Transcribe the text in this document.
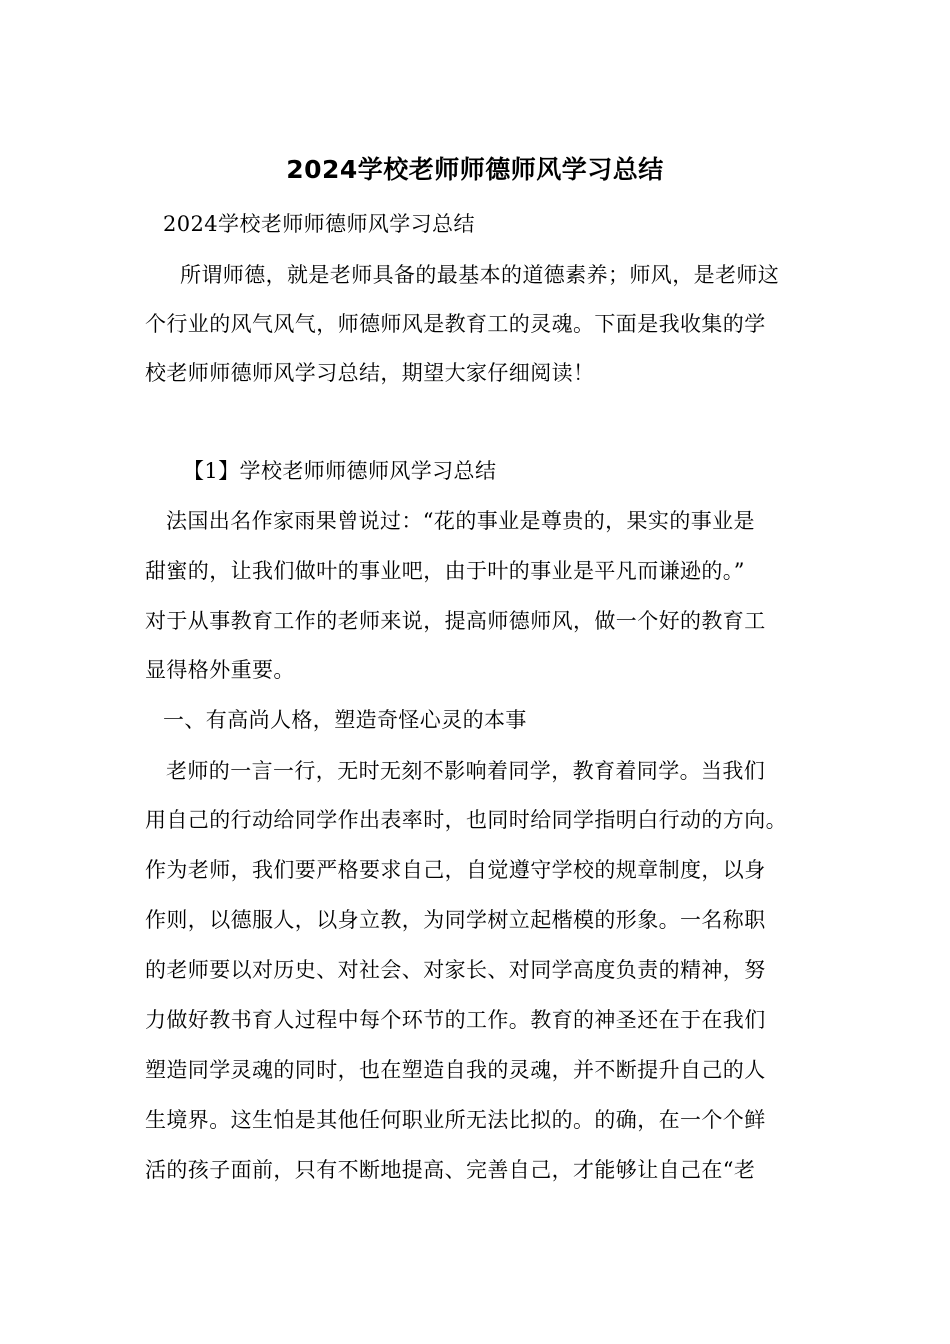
2024学校老师师德师风学习总结
2024学校老师师德师风学习总结
所谓师德，就是老师具备的最基本的道德素养；师风，是老师这
个行业的风气风气，师德师风是教育工的灵魂。下面是我收集的学
校老师师德师风学习总结，期望大家仔细阅读！
【1】学校老师师德师风学习总结
法国出名作家雨果曾说过：“花的事业是尊贵的，果实的事业是
甜蜜的，让我们做叶的事业吧，由于叶的事业是平凡而谦逊的。”
对于从事教育工作的老师来说，提高师德师风，做一个好的教育工
显得格外重要。
一、有高尚人格，塑造奇怪心灵的本事
老师的一言一行，无时无刻不影响着同学，教育着同学。当我们
用自己的行动给同学作出表率时，也同时给同学指明白行动的方向。
作为老师，我们要严格要求自己，自觉遵守学校的规章制度，以身
作则，以德服人，以身立教，为同学树立起楷模的形象。一名称职
的老师要以对历史、对社会、对家长、对同学高度负责的精神，努
力做好教书育人过程中每个环节的工作。教育的神圣还在于在我们
塑造同学灵魂的同时，也在塑造自我的灵魂，并不断提升自己的人
生境界。这生怕是其他任何职业所无法比拟的。的确，在一个个鲜
活的孩子面前，只有不断地提高、完善自己，才能够让自己在“老
